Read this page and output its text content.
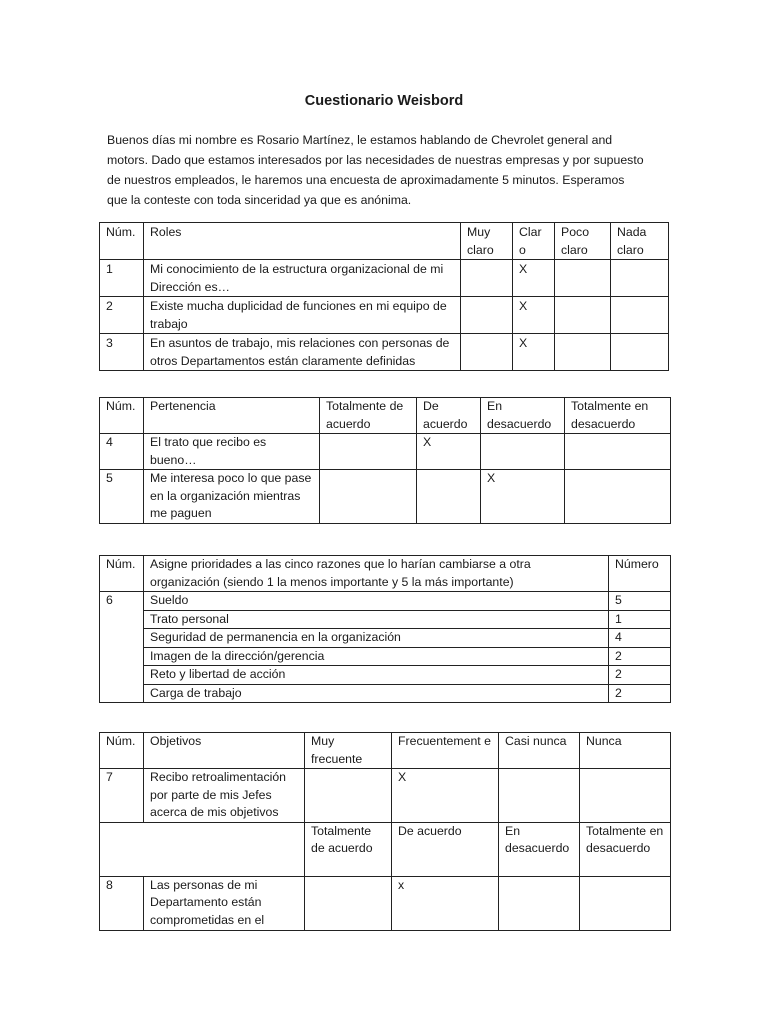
Cuestionario Weisbord

Buenos días mi nombre es Rosario Martínez, le estamos hablando de Chevrolet general and

motors. Dado que estamos interesados por las necesidades de nuestras empresas y por supuesto

de nuestros empleados, le haremos una encuesta de aproximadamente 5 minutos. Esperamos

que la conteste con toda sinceridad ya que es anónima.

Núm.	Roles	Muy claro	Clar o	Poco claro	Nada claro
1	Mi conocimiento de la estructura organizacional de mi Dirección es…		X		
2	Existe mucha duplicidad de funciones en mi equipo de trabajo		X		
3	En asuntos de trabajo, mis relaciones con personas de otros Departamentos están claramente definidas		X		
Núm.	Pertenencia	Totalmente de acuerdo	De acuerdo	En desacuerdo	Totalmente en desacuerdo
4	El trato que recibo es bueno…		X		
5	Me interesa poco lo que pase en la organización mientras me paguen			X	
Núm.	Asigne prioridades a las cinco razones que lo harían cambiarse a otra organización (siendo 1 la menos importante y 5 la más importante)	Número
6	Sueldo	5
	Trato personal	1
	Seguridad de permanencia en la organización	4
	Imagen de la dirección/gerencia	2
	Reto y libertad de acción	2
	Carga de trabajo	2
Núm.	Objetivos	Muy frecuente	Frecuentement e	Casi nunca	Nunca
7	Recibo retroalimentación por parte de mis Jefes acerca de mis objetivos		X		
		Totalmente de acuerdo	De acuerdo	En desacuerdo	Totalmente en desacuerdo
8	Las personas de mi Departamento están comprometidas en el		x		
